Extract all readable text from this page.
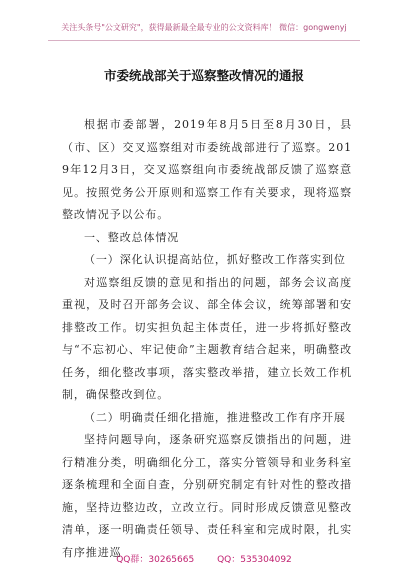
关注头条号"公文研究"，获得最新最全最专业的公文资料库！ 微信：gongwenyj
市委统战部关于巡察整改情况的通报

根据市委部署，2019年8月5日至8月30日，县（市、区）交叉巡察组对市委统战部进行了巡察。2019年12月3日，交叉巡察组向市委统战部反馈了巡察意见。按照党务公开原则和巡察工作有关要求，现将巡察整改情况予以公布。

一、整改总体情况

（一）深化认识提高站位，抓好整改工作落实到位

对巡察组反馈的意见和指出的问题，部务会议高度重视，及时召开部务会议、部全体会议，统筹部署和安排整改工作。切实担负起主体责任，进一步将抓好整改与“不忘初心、牢记使命”主题教育结合起来，明确整改任务，细化整改事项，落实整改举措，建立长效工作机制，确保整改到位。

（二）明确责任细化措施，推进整改工作有序开展

坚持问题导向，逐条研究巡察反馈指出的问题，进行精准分类，明确细化分工，落实分管领导和业务科室逐条梳理和全面自查，分别研究制定有针对性的整改措施，坚持边整边改，立改立行。同时形成反馈意见整改清单，逐一明确责任领导、责任科室和完成时限，扎实有序推进巡

QQ群：30265665	QQ：535304092
